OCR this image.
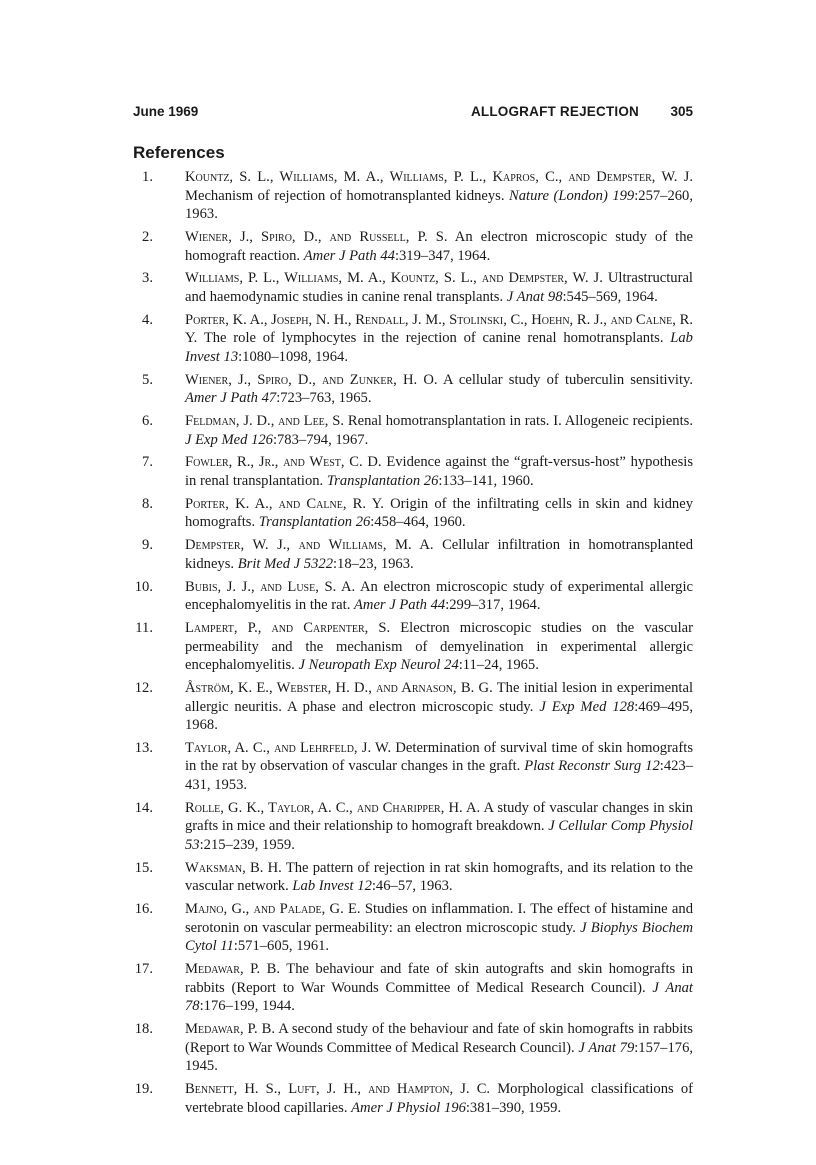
June 1969	ALLOGRAFT REJECTION 305
References
1. Kountz, S. L., Williams, M. A., Williams, P. L., Kapros, C., and Dempster, W. J. Mechanism of rejection of homotransplanted kidneys. Nature (London) 199:257–260, 1963.
2. Wiener, J., Spiro, D., and Russell, P. S. An electron microscopic study of the homograft reaction. Amer J Path 44:319–347, 1964.
3. Williams, P. L., Williams, M. A., Kountz, S. L., and Dempster, W. J. Ultrastructural and haemodynamic studies in canine renal transplants. J Anat 98:545–569, 1964.
4. Porter, K. A., Joseph, N. H., Rendall, J. M., Stolinski, C., Hoehn, R. J., and Calne, R. Y. The role of lymphocytes in the rejection of canine renal homotransplants. Lab Invest 13:1080–1098, 1964.
5. Wiener, J., Spiro, D., and Zunker, H. O. A cellular study of tuberculin sensitivity. Amer J Path 47:723–763, 1965.
6. Feldman, J. D., and Lee, S. Renal homotransplantation in rats. I. Allogeneic recipients. J Exp Med 126:783–794, 1967.
7. Fowler, R., Jr., and West, C. D. Evidence against the “graft-versus-host” hypothesis in renal transplantation. Transplantation 26:133–141, 1960.
8. Porter, K. A., and Calne, R. Y. Origin of the infiltrating cells in skin and kidney homografts. Transplantation 26:458–464, 1960.
9. Dempster, W. J., and Williams, M. A. Cellular infiltration in homotransplanted kidneys. Brit Med J 5322:18–23, 1963.
10. Bubis, J. J., and Luse, S. A. An electron microscopic study of experimental allergic encephalomyelitis in the rat. Amer J Path 44:299–317, 1964.
11. Lampert, P., and Carpenter, S. Electron microscopic studies on the vascular permeability and the mechanism of demyelination in experimental allergic encephalomyelitis. J Neuropath Exp Neurol 24:11–24, 1965.
12. Åström, K. E., Webster, H. D., and Arnason, B. G. The initial lesion in experimental allergic neuritis. A phase and electron microscopic study. J Exp Med 128:469–495, 1968.
13. Taylor, A. C., and Lehrfeld, J. W. Determination of survival time of skin homografts in the rat by observation of vascular changes in the graft. Plast Reconstr Surg 12:423–431, 1953.
14. Rolle, G. K., Taylor, A. C., and Charipper, H. A. A study of vascular changes in skin grafts in mice and their relationship to homograft breakdown. J Cellular Comp Physiol 53:215–239, 1959.
15. Waksman, B. H. The pattern of rejection in rat skin homografts, and its relation to the vascular network. Lab Invest 12:46–57, 1963.
16. Majno, G., and Palade, G. E. Studies on inflammation. I. The effect of histamine and serotonin on vascular permeability: an electron microscopic study. J Biophys Biochem Cytol 11:571–605, 1961.
17. Medawar, P. B. The behaviour and fate of skin autografts and skin homografts in rabbits (Report to War Wounds Committee of Medical Research Council). J Anat 78:176–199, 1944.
18. Medawar, P. B. A second study of the behaviour and fate of skin homografts in rabbits (Report to War Wounds Committee of Medical Research Council). J Anat 79:157–176, 1945.
19. Bennett, H. S., Luft, J. H., and Hampton, J. C. Morphological classifications of vertebrate blood capillaries. Amer J Physiol 196:381–390, 1959.
